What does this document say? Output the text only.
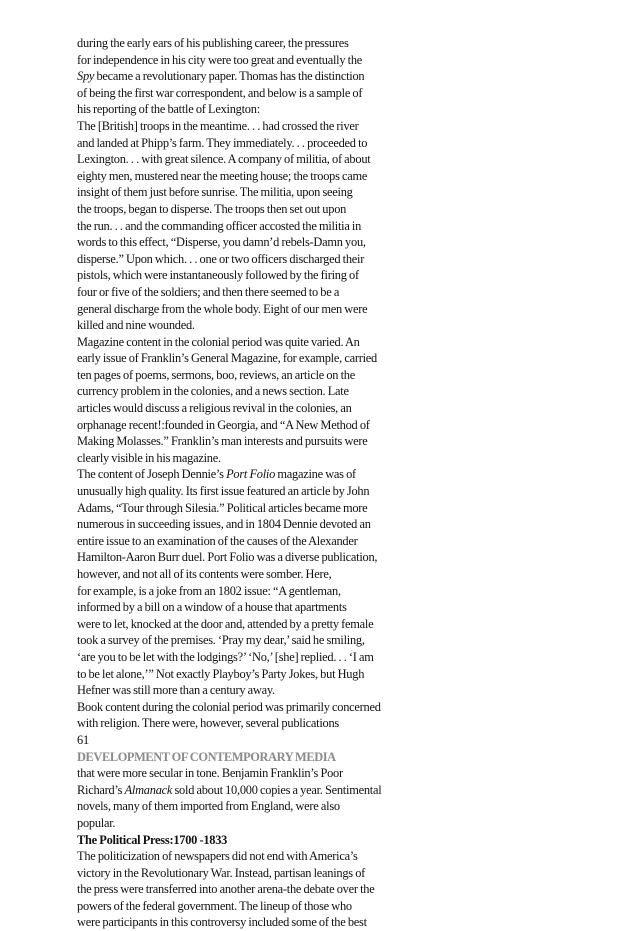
during the early ears of his publishing career, the pressures
for independence in his city were too great and eventually the
Spy became a revolutionary paper. Thomas has the distinction
of being the first war correspondent, and below is a sample of
his reporting of the battle of Lexington:
The [British] troops in the meantime. . . had crossed the river
and landed at Phipp’s farm. They immediately. . . proceeded to
Lexington. . . with great silence. A company of militia, of about
eighty men, mustered near the meeting house; the troops came
insight of them just before sunrise. The militia, upon seeing
the troops, began to disperse. The troops then set out upon
the run. . . and the commanding officer accosted the militia in
words to this effect, “Disperse, you damn’d rebels-Damn you,
disperse.” Upon which. . . one or two officers discharged their
pistols, which were instantaneously followed by the firing of
four or five of the soldiers; and then there seemed to be a
general discharge from the whole body. Eight of our men were
killed and nine wounded.
Magazine content in the colonial period was quite varied. An
early issue of Franklin’s General Magazine, for example, carried
ten pages of poems, sermons, boo, reviews, an article on the
currency problem in the colonies, and a news section. Late
articles would discuss a religious revival in the colonies, an
orphanage recent!:founded in Georgia, and “A New Method of
Making Molasses.” Franklin’s man interests and pursuits were
clearly visible in his magazine.
The content of Joseph Dennie’s Port Folio magazine was of
unusually high quality. Its first issue featured an article by John
Adams, “Tour through Silesia.” Political articles became more
numerous in succeeding issues, and in 1804 Dennie devoted an
entire issue to an examination of the causes of the Alexander
Hamilton-Aaron Burr duel. Port Folio was a diverse publication,
however, and not all of its contents were somber. Here,
for example, is a joke from an 1802 issue: “A gentleman,
informed by a bill on a window of a house that apartments
were to let, knocked at the door and, attended by a pretty female
took a survey of the premises. ‘Pray my dear,’ said he smiling,
‘are you to be let with the lodgings?’ ‘No,’ [she] replied. . . ‘I am
to be let alone,’” Not exactly Playboy’s Party Jokes, but Hugh
Hefner was still more than a century away.
Book content during the colonial period was primarily concerned
with religion. There were, however, several publications
61
DEVELOPMENT OF CONTEMPORARY MEDIA
that were more secular in tone. Benjamin Franklin’s Poor
Richard’s Almanack sold about 10,000 copies a year. Sentimental
novels, many of them imported from England, were also
popular.
The Political Press:1700 -1833
The politicization of newspapers did not end with America’s
victory in the Revolutionary War. Instead, partisan leanings of
the press were transferred into another arena-the debate over the
powers of the federal government. The lineup of those who
were participants in this controversy included some of the best
